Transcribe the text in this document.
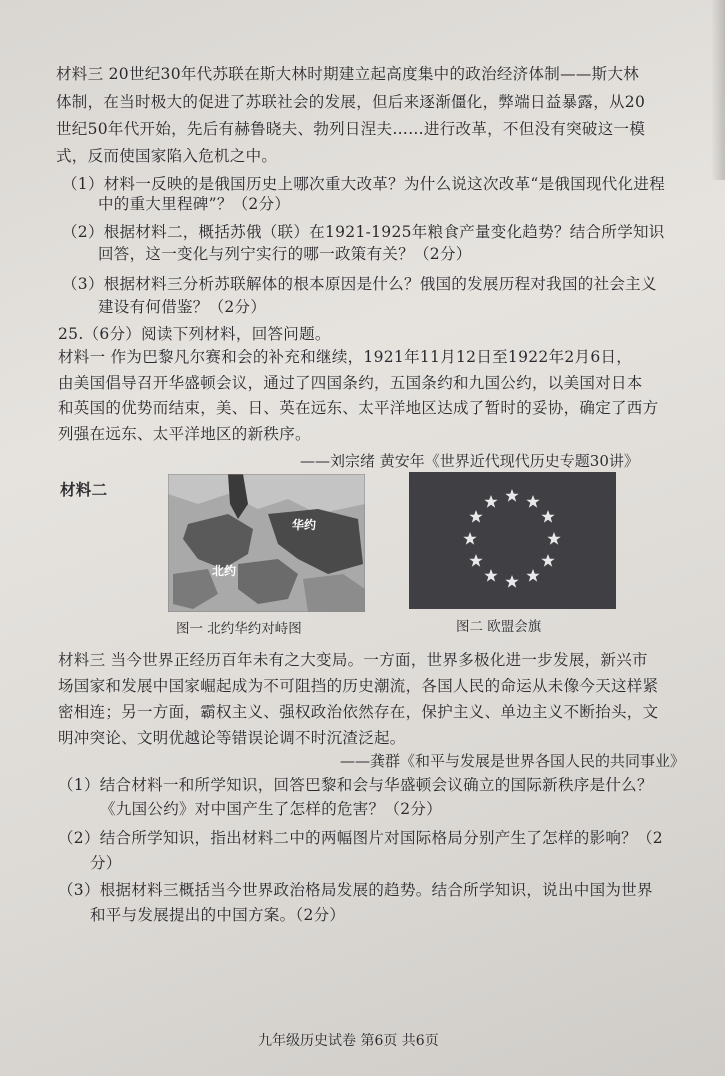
材料三 20世纪30年代苏联在斯大林时期建立起高度集中的政治经济体制——斯大林
体制，在当时极大的促进了苏联社会的发展，但后来逐渐僵化，弊端日益暴露，从20
世纪50年代开始，先后有赫鲁晓夫、勃列日涅夫……进行改革，不但没有突破这一模
式，反而使国家陷入危机之中。
（1）材料一反映的是俄国历史上哪次重大改革？为什么说这次改革“是俄国现代化进程
中的重大里程碑”？（2分）
（2）根据材料二，概括苏俄（联）在1921-1925年粮食产量变化趋势？结合所学知识
回答，这一变化与列宁实行的哪一政策有关？（2分）
（3）根据材料三分析苏联解体的根本原因是什么？俄国的发展历程对我国的社会主义
建设有何借鉴？（2分）
25.（6分）阅读下列材料，回答问题。
材料一 作为巴黎凡尔赛和会的补充和继续，1921年11月12日至1922年2月6日，
由美国倡导召开华盛顿会议，通过了四国条约，五国条约和九国公约，以美国对日本
和英国的优势而结束，美、日、英在远东、太平洋地区达成了暂时的妥协，确定了西方
列强在远东、太平洋地区的新秩序。
——刘宗绪 黄安年《世界近代现代历史专题30讲》
材料二
华约
北约
图一 北约华约对峙图	图二 欧盟会旗
材料三 当今世界正经历百年未有之大变局。一方面，世界多极化进一步发展，新兴市
场国家和发展中国家崛起成为不可阻挡的历史潮流，各国人民的命运从未像今天这样紧
密相连；另一方面，霸权主义、强权政治依然存在，保护主义、单边主义不断抬头，文
明冲突论、文明优越论等错误论调不时沉渣泛起。
——龚群《和平与发展是世界各国人民的共同事业》
（1）结合材料一和所学知识，回答巴黎和会与华盛顿会议确立的国际新秩序是什么？
《九国公约》对中国产生了怎样的危害？（2分）
（2）结合所学知识，指出材料二中的两幅图片对国际格局分别产生了怎样的影响？（2
分）
（3）根据材料三概括当今世界政治格局发展的趋势。结合所学知识，说出中国为世界
和平与发展提出的中国方案。（2分）
九年级历史试卷 第6页 共6页
